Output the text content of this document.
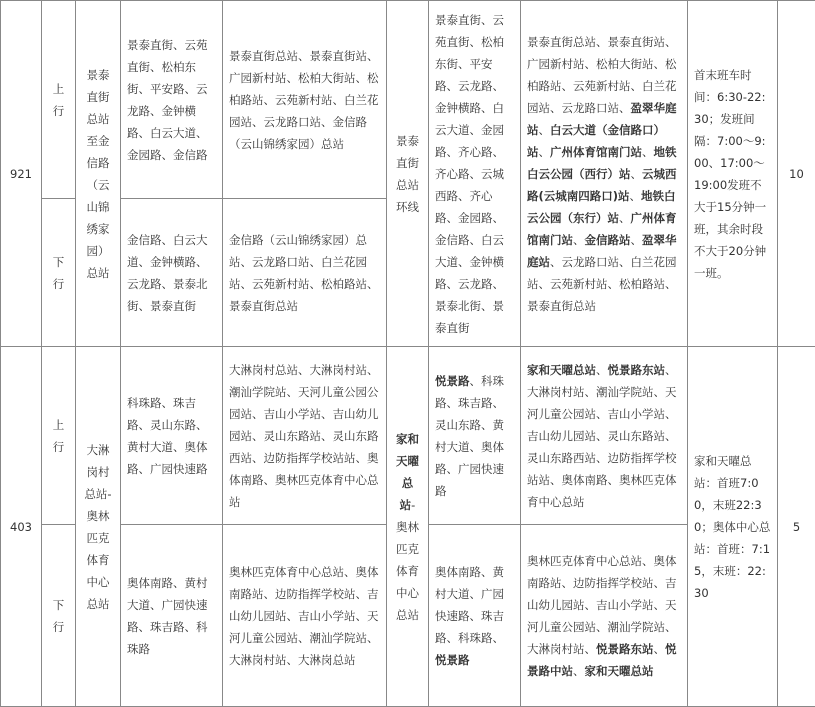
921	上行	景泰直街总站至金信路（云山锦绣家园）总站	景泰直街、云苑直街、松柏东街、平安路、云龙路、金钟横路、白云大道、金园路、金信路	景泰直街总站、景泰直街站、广园新村站、松柏大街站、松柏路站、云苑新村站、白兰花园站、云龙路口站、金信路（云山锦绣家园）总站	景泰直街总站环线	景泰直街、云苑直街、松柏东街、平安路、云龙路、金钟横路、白云大道、金园路、齐心路、齐心路、云城西路、齐心路、金园路、金信路、白云大道、金钟横路、云龙路、景泰北街、景泰直街	景泰直街总站、景泰直街站、广园新村站、松柏大街站、松柏路站、云苑新村站、白兰花园站、云龙路口站、盈翠华庭站、白云大道（金信路口）站、广州体育馆南门站、地铁白云公园（西行）站、云城西路(云城南四路口)站、地铁白云公园（东行）站、广州体育馆南门站、金信路站、盈翠华庭站、云龙路口站、白兰花园站、云苑新村站、松柏路站、景泰直街总站	首末班车时间：6:30-22:30；发班间隔：7:00～9:00、17:00～19:00发班不大于15分钟一班，其余时段不大于20分钟一班。	10
	下行		金信路、白云大道、金钟横路、云龙路、景泰北街、景泰直街	金信路（云山锦绣家园）总站、云龙路口站、白兰花园站、云苑新村站、松柏路站、景泰直街总站					
403	上行	大淋岗村总站-奥林匹克体育中心总站	科珠路、珠吉路、灵山东路、黄村大道、奥体路、广园快速路	大淋岗村总站、大淋岗村站、潮汕学院站、天河儿童公园公园站、吉山小学站、吉山幼儿园站、灵山东路站、灵山东路西站、边防指挥学校站站、奥体南路、奥林匹克体育中心总站	家和天曜总站-奥林匹克体育中心总站	悦景路、科珠路、珠吉路、灵山东路、黄村大道、奥体路、广园快速路	家和天曜总站、悦景路东站、大淋岗村站、潮汕学院站、天河儿童公园站、吉山小学站、吉山幼儿园站、灵山东路站、灵山东路西站、边防指挥学校站站、奥体南路、奥林匹克体育中心总站	家和天曜总站：首班7:00，末班22:30；奥体中心总站：首班：7:15，末班：22:30	5
	下行		奥体南路、黄村大道、广园快速路、珠吉路、科珠路	奥林匹克体育中心总站、奥体南路站、边防指挥学校站、吉山幼儿园站、吉山小学站、天河儿童公园站、潮汕学院站、大淋岗村站、大淋岗总站		奥体南路、黄村大道、广园快速路、珠吉路、科珠路、悦景路	奥林匹克体育中心总站、奥体南路站、边防指挥学校站、吉山幼儿园站、吉山小学站、天河儿童公园站、潮汕学院站、大淋岗村站、悦景路东站、悦景路中站、家和天曜总站		
